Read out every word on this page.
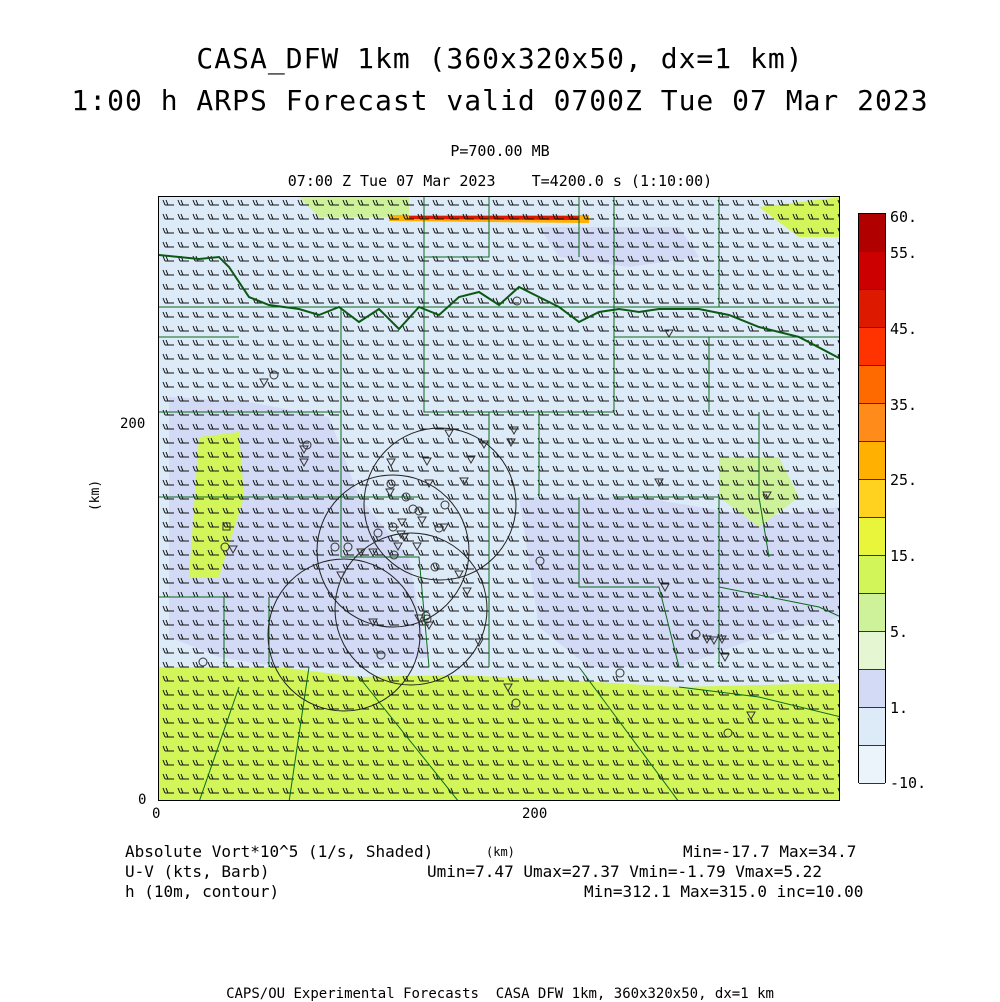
CASA_DFW 1km (360x320x50, dx=1 km)
1:00 h ARPS Forecast valid 0700Z Tue 07 Mar 2023
P=700.00 MB
07:00 Z Tue 07 Mar 2023    T=4200.0 s (1:10:00)
0	200
0
200
(km)
60.
55.
45.
35.
25.
15.
5.
1.
-10.
Absolute Vort*10^5 (1/s, Shaded)	(km)	Min=-17.7 Max=34.7
U-V (kts, Barb)	Umin=7.47 Umax=27.37 Vmin=-1.79 Vmax=5.22
h (10m, contour)	Min=312.1 Max=315.0 inc=10.00
CAPS/OU Experimental Forecasts  CASA DFW 1km, 360x320x50, dx=1 km
